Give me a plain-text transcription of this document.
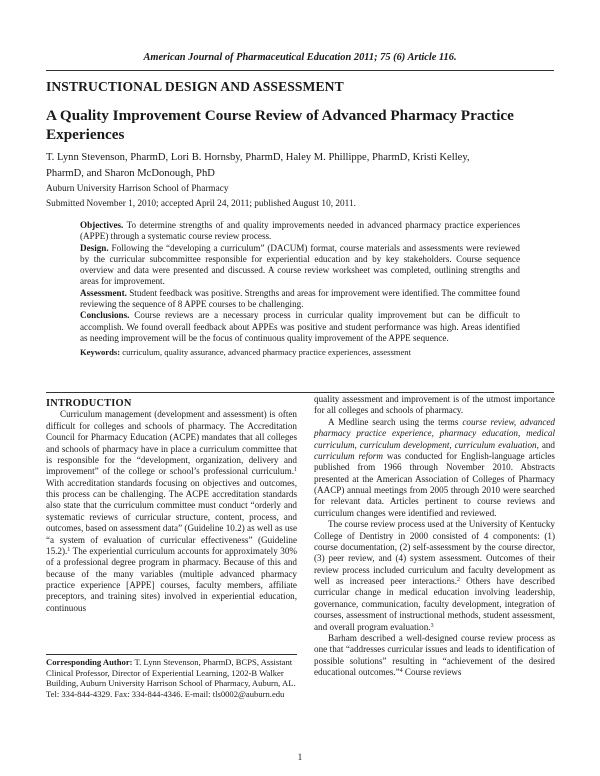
American Journal of Pharmaceutical Education 2011; 75 (6) Article 116.
INSTRUCTIONAL DESIGN AND ASSESSMENT
A Quality Improvement Course Review of Advanced Pharmacy Practice Experiences
T. Lynn Stevenson, PharmD, Lori B. Hornsby, PharmD, Haley M. Phillippe, PharmD, Kristi Kelley, PharmD, and Sharon McDonough, PhD
Auburn University Harrison School of Pharmacy
Submitted November 1, 2010; accepted April 24, 2011; published August 10, 2011.

Objectives. To determine strengths of and quality improvements needed in advanced pharmacy practice experiences (APPE) through a systematic course review process.

Design. Following the “developing a curriculum” (DACUM) format, course materials and assessments were reviewed by the curricular subcommittee responsible for experiential education and by key stakeholders. Course sequence overview and data were presented and discussed. A course review worksheet was completed, outlining strengths and areas for improvement.

Assessment. Student feedback was positive. Strengths and areas for improvement were identified. The committee found reviewing the sequence of 8 APPE courses to be challenging.

Conclusions. Course reviews are a necessary process in curricular quality improvement but can be difficult to accomplish. We found overall feedback about APPEs was positive and student performance was high. Areas identified as needing improvement will be the focus of continuous quality improvement of the APPE sequence.

Keywords: curriculum, quality assurance, advanced pharmacy practice experiences, assessment

INTRODUCTION

Curriculum management (development and assessment) is often difficult for colleges and schools of pharmacy. The Accreditation Council for Pharmacy Education (ACPE) mandates that all colleges and schools of pharmacy have in place a curriculum committee that is responsible for the “development, organization, delivery and improvement” of the college or school’s professional curriculum.$^1$ With accreditation standards focusing on objectives and outcomes, this process can be challenging. The ACPE accreditation standards also state that the curriculum committee must conduct “orderly and systematic reviews of curricular structure, content, process, and outcomes, based on assessment data” (Guideline 10.2) as well as use “a system of evaluation of curricular effectiveness” (Guideline 15.2).$^1$ The experiential curriculum accounts for approximately 30% of a professional degree program in pharmacy. Because of this and because of the many variables (multiple advanced pharmacy practice experience [APPE] courses, faculty members, affiliate preceptors, and training sites) involved in experiential education, continuous

quality assessment and improvement is of the utmost importance for all colleges and schools of pharmacy.

A Medline search using the terms course review, advanced pharmacy practice experience, pharmacy education, medical curriculum, curriculum development, curriculum evaluation, and curriculum reform was conducted for English-language articles published from 1966 through November 2010. Abstracts presented at the American Association of Colleges of Pharmacy (AACP) annual meetings from 2005 through 2010 were searched for relevant data. Articles pertinent to course reviews and curriculum changes were identified and reviewed.

The course review process used at the University of Kentucky College of Dentistry in 2000 consisted of 4 components: (1) course documentation, (2) self-assessment by the course director, (3) peer review, and (4) system assessment. Outcomes of their review process included curriculum and faculty development as well as increased peer interactions.$^2$ Others have described curricular change in medical education involving leadership, governance, communication, faculty development, integration of courses, assessment of instructional methods, student assessment, and overall program evaluation.$^3$

Barham described a well-designed course review process as one that “addresses curricular issues and leads to identification of possible solutions” resulting in “achievement of the desired educational outcomes.”$^4$ Course reviews

Corresponding Author: T. Lynn Stevenson, PharmD, BCPS, Assistant Clinical Professor, Director of Experiential Learning, 1202-B Walker Building, Auburn University Harrison School of Pharmacy, Auburn, AL. Tel: 334-844-4329. Fax: 334-844-4346. E-mail: tls0002@auburn.edu
1
